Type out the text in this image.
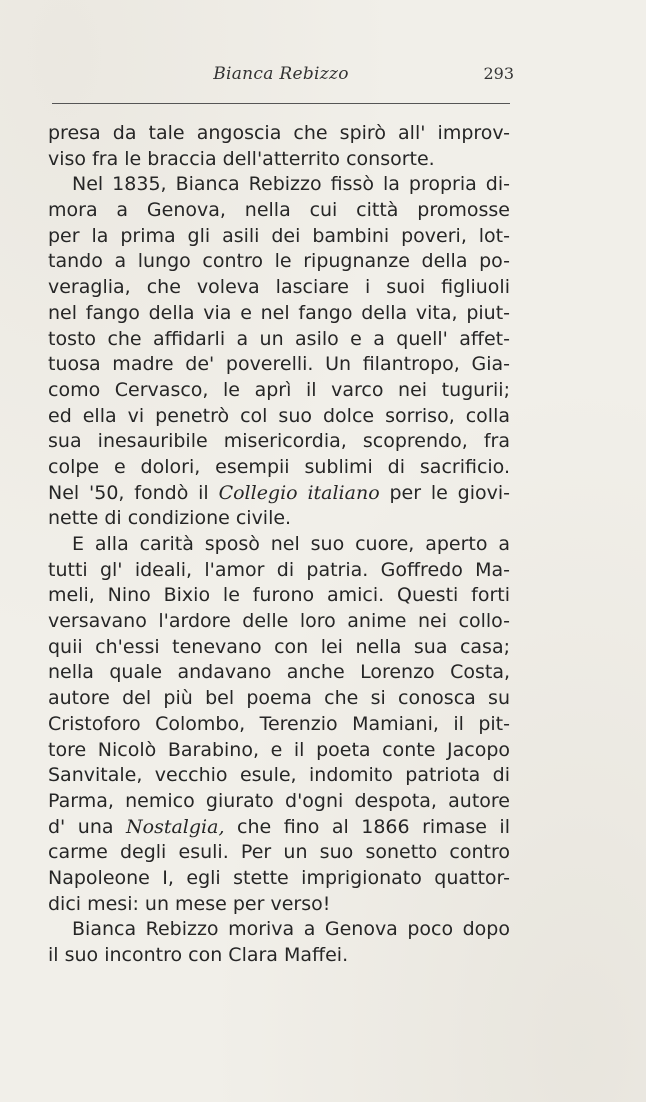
Bianca Rebizzo	293
presa da tale angoscia che spirò all' improv-
viso fra le braccia dell'atterrito consorte.
Nel 1835, Bianca Rebizzo fissò la propria di-
mora a Genova, nella cui città promosse
per la prima gli asili dei bambini poveri, lot-
tando a lungo contro le ripugnanze della po-
veraglia, che voleva lasciare i suoi figliuoli
nel fango della via e nel fango della vita, piut-
tosto che affidarli a un asilo e a quell' affet-
tuosa madre de' poverelli. Un filantropo, Gia-
como Cervasco, le aprì il varco nei tugurii;
ed ella vi penetrò col suo dolce sorriso, colla
sua inesauribile misericordia, scoprendo, fra
colpe e dolori, esempii sublimi di sacrificio.
Nel '50, fondò il Collegio italiano per le giovi-
nette di condizione civile.
E alla carità sposò nel suo cuore, aperto a
tutti gl' ideali, l'amor di patria. Goffredo Ma-
meli, Nino Bixio le furono amici. Questi forti
versavano l'ardore delle loro anime nei collo-
quii ch'essi tenevano con lei nella sua casa;
nella quale andavano anche Lorenzo Costa,
autore del più bel poema che si conosca su
Cristoforo Colombo, Terenzio Mamiani, il pit-
tore Nicolò Barabino, e il poeta conte Jacopo
Sanvitale, vecchio esule, indomito patriota di
Parma, nemico giurato d'ogni despota, autore
d' una Nostalgia, che fino al 1866 rimase il
carme degli esuli. Per un suo sonetto contro
Napoleone I, egli stette imprigionato quattor-
dici mesi: un mese per verso!
Bianca Rebizzo moriva a Genova poco dopo
il suo incontro con Clara Maffei.
